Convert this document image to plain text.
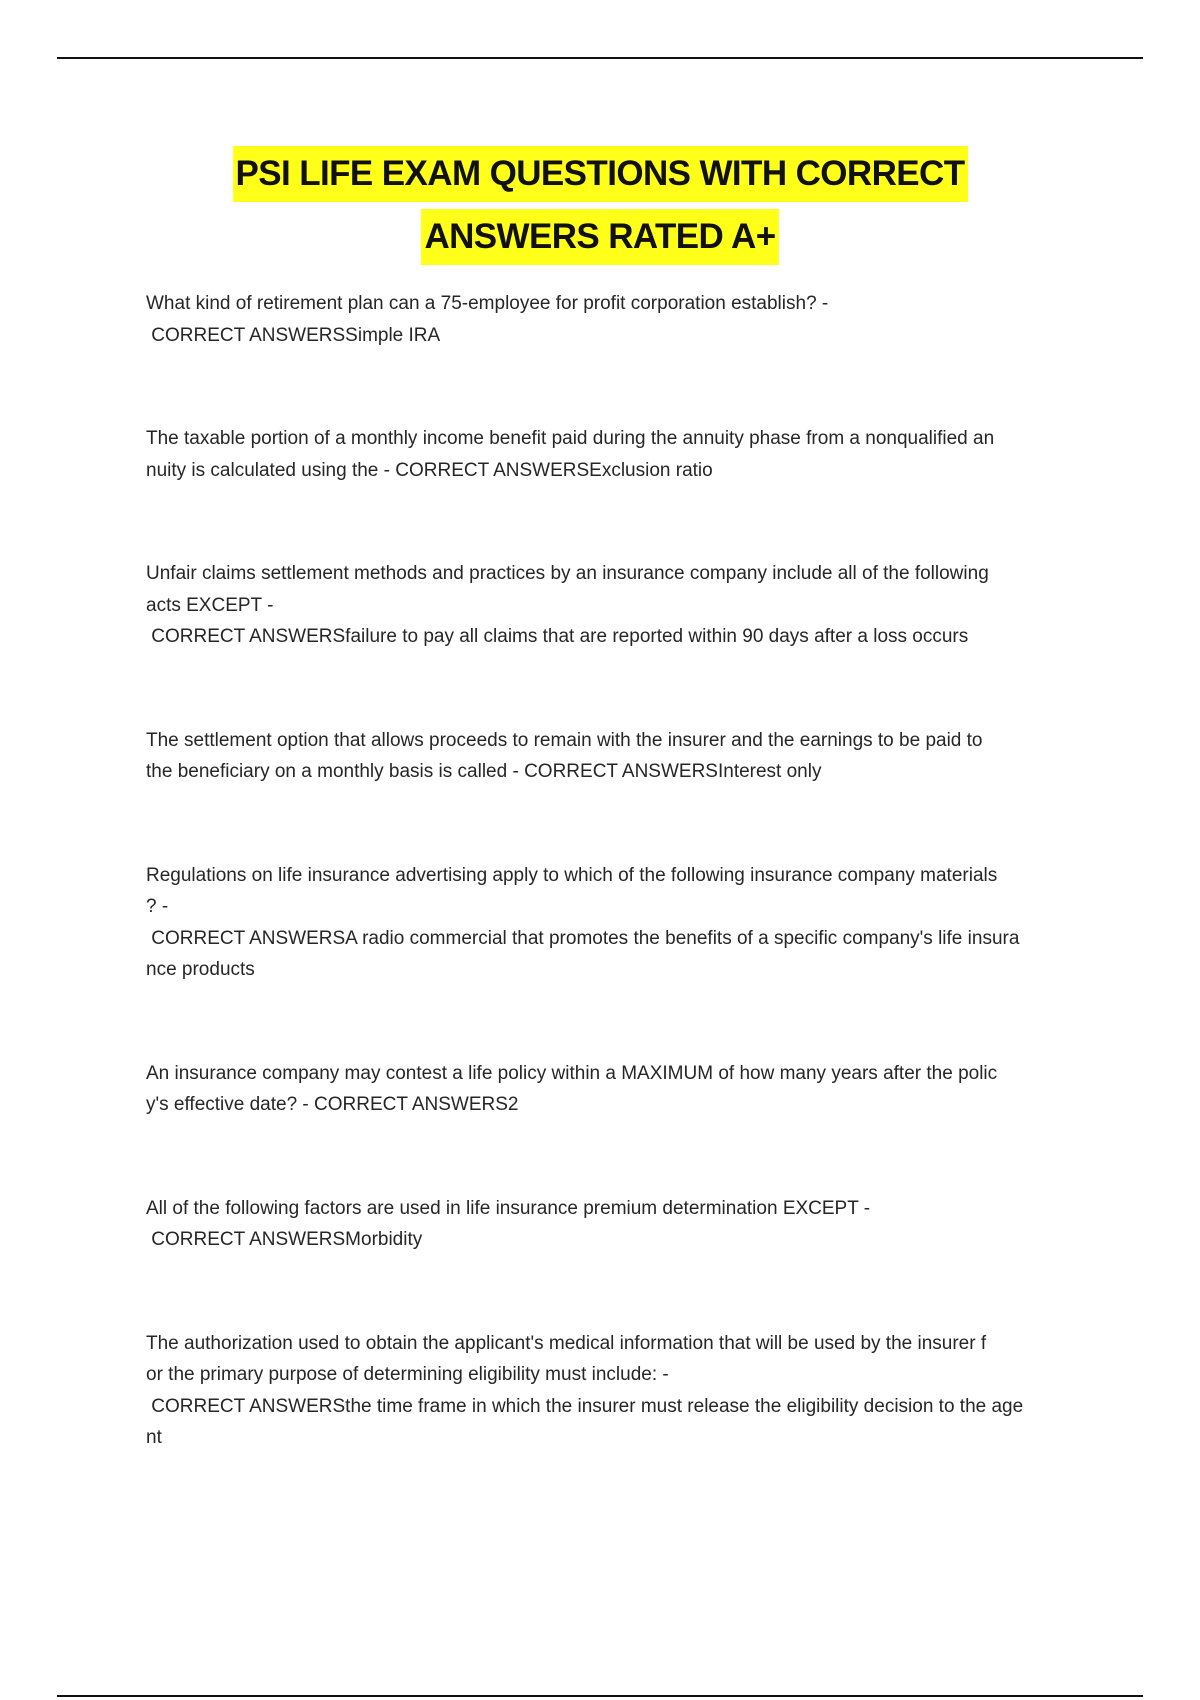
PSI LIFE EXAM QUESTIONS WITH CORRECT
ANSWERS RATED A+
What kind of retirement plan can a 75-employee for profit corporation establish? -
CORRECT ANSWERSSimple IRA
The taxable portion of a monthly income benefit paid during the annuity phase from a nonqualified an
nuity is calculated using the - CORRECT ANSWERSExclusion ratio
Unfair claims settlement methods and practices by an insurance company include all of the following
acts EXCEPT -
CORRECT ANSWERSfailure to pay all claims that are reported within 90 days after a loss occurs
The settlement option that allows proceeds to remain with the insurer and the earnings to be paid to
the beneficiary on a monthly basis is called - CORRECT ANSWERSInterest only
Regulations on life insurance advertising apply to which of the following insurance company materials
? -
CORRECT ANSWERSA radio commercial that promotes the benefits of a specific company's life insura
nce products
An insurance company may contest a life policy within a MAXIMUM of how many years after the polic
y's effective date? - CORRECT ANSWERS2
All of the following factors are used in life insurance premium determination EXCEPT -
CORRECT ANSWERSMorbidity
The authorization used to obtain the applicant's medical information that will be used by the insurer f
or the primary purpose of determining eligibility must include: -
CORRECT ANSWERSthe time frame in which the insurer must release the eligibility decision to the age
nt
